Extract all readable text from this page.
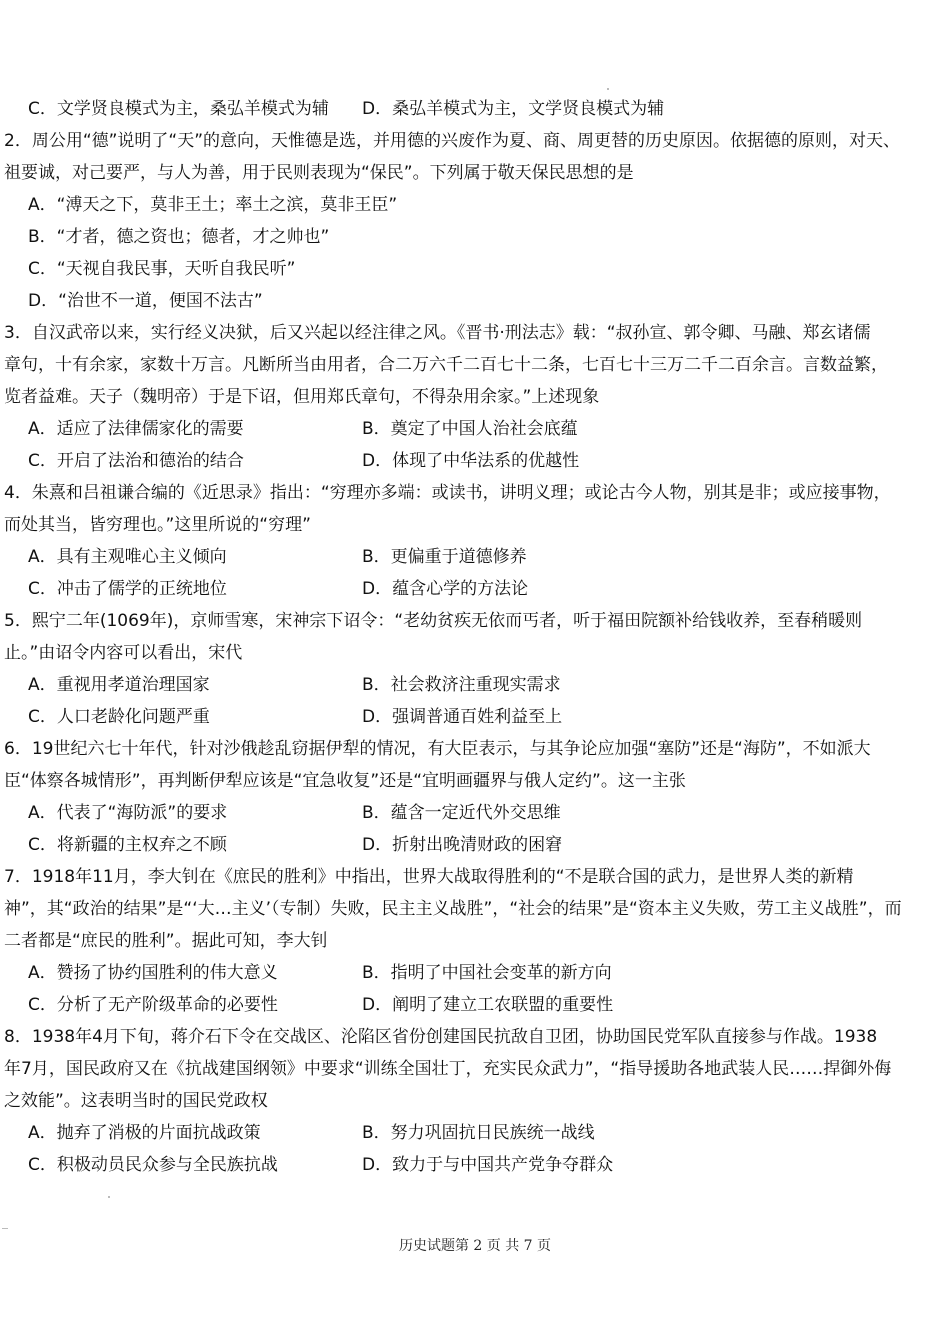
C．文学贤良模式为主，桑弘羊模式为辅 D．桑弘羊模式为主，文学贤良模式为辅
2．周公用“德”说明了“天”的意向，天惟德是选，并用德的兴废作为夏、商、周更替的历史原因。依据德的原则，对天、
祖要诚，对己要严，与人为善，用于民则表现为“保民”。下列属于敬天保民思想的是
A．“溥天之下，莫非王土；率土之滨，莫非王臣”
B．“才者，德之资也；德者，才之帅也”
C．“天视自我民事，天听自我民听”
D．“治世不一道，便国不法古”
3．自汉武帝以来，实行经义决狱，后又兴起以经注律之风。《晋书·刑法志》载：“叔孙宣、郭令卿、马融、郑玄诸儒
章句，十有余家，家数十万言。凡断所当由用者，合二万六千二百七十二条，七百七十三万二千二百余言。言数益繁，
览者益难。天子（魏明帝）于是下诏，但用郑氏章句，不得杂用余家。”上述现象
A．适应了法律儒家化的需要	B．奠定了中国人治社会底蕴
C．开启了法治和德治的结合	D．体现了中华法系的优越性
4．朱熹和吕祖谦合编的《近思录》指出：“穷理亦多端：或读书，讲明义理；或论古今人物，别其是非；或应接事物，
而处其当，皆穷理也。”这里所说的“穷理”
A．具有主观唯心主义倾向	B．更偏重于道德修养
C．冲击了儒学的正统地位	D．蕴含心学的方法论
5．熙宁二年(1069年)，京师雪寒，宋神宗下诏令：“老幼贫疾无依而丐者，听于福田院额补给钱收养，至春稍暖则
止。”由诏令内容可以看出，宋代
A．重视用孝道治理国家	B．社会救济注重现实需求
C．人口老龄化问题严重	D．强调普通百姓利益至上
6．19世纪六七十年代，针对沙俄趁乱窃据伊犁的情况，有大臣表示，与其争论应加强“塞防”还是“海防”，不如派大
臣“体察各城情形”，再判断伊犁应该是“宜急收复”还是“宜明画疆界与俄人定约”。这一主张
A．代表了“海防派”的要求	B．蕴含一定近代外交思维
C．将新疆的主权弃之不顾	D．折射出晚清财政的困窘
7．1918年11月，李大钊在《庶民的胜利》中指出，世界大战取得胜利的“不是联合国的武力，是世界人类的新精
神”，其“政治的结果”是“‘大…主义’（专制）失败，民主主义战胜”，“社会的结果”是“资本主义失败，劳工主义战胜”，而
二者都是“庶民的胜利”。据此可知，李大钊
A．赞扬了协约国胜利的伟大意义	B．指明了中国社会变革的新方向
C．分析了无产阶级革命的必要性	D．阐明了建立工农联盟的重要性
8．1938年4月下旬，蒋介石下令在交战区、沦陷区省份创建国民抗敌自卫团，协助国民党军队直接参与作战。1938
年7月，国民政府又在《抗战建国纲领》中要求“训练全国壮丁，充实民众武力”，“指导援助各地武装人民……捍御外侮
之效能”。这表明当时的国民党政权
A．抛弃了消极的片面抗战政策	B．努力巩固抗日民族统一战线
C．积极动员民众参与全民族抗战	D．致力于与中国共产党争夺群众
历史试题第 2 页 共 7 页
